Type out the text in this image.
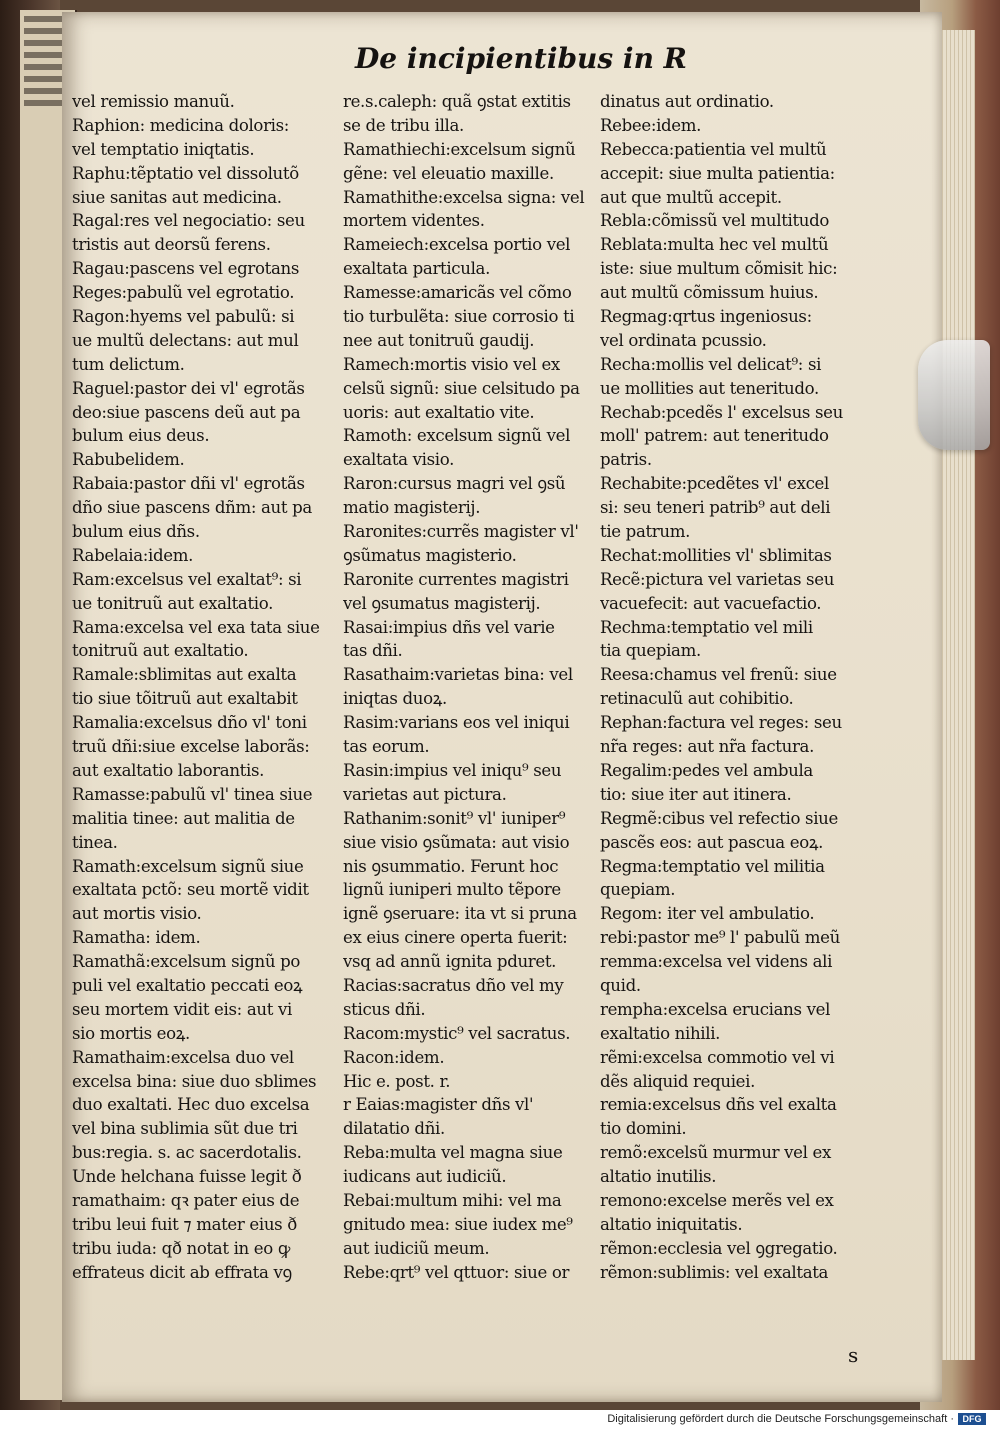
De incipientibus in R
vel remissio manuũ.
Raphion: medicina doloris:
vel temptatio iniqtatis.
Raphu:tẽptatio vel dissolutõ
siue sanitas aut medicina.
Ragal:res vel negociatio: seu
tristis aut deorsũ ferens.
Ragau:pascens vel egrotans
Reges:pabulũ vel egrotatio.
Ragon:hyems vel pabulũ: si
ue multũ delectans: aut mul
tum delictum.
Raguel:pastor dei vl' egrotãs
deo:siue pascens deũ aut pa
bulum eius deus.
Rabubelidem.
Rabaia:pastor dñi vl' egrotãs
dño siue pascens dñm: aut pa
bulum eius dñs.
Rabelaia:idem.
Ram:excelsus vel exaltat⁹: si
ue tonitruũ aut exaltatio.
Rama:excelsa vel exa tata siue
tonitruũ aut exaltatio.
Ramale:sblimitas aut exalta
tio siue tõitruũ aut exaltabit
Ramalia:excelsus dño vl' toni
truũ dñi:siue excelse laborãs:
aut exaltatio laborantis.
Ramasse:pabulũ vl' tinea siue
malitia tinee: aut malitia de
tinea.
Ramath:excelsum signũ siue
exaltata pctõ: seu mortẽ vidit
aut mortis visio.
Ramatha: idem.
Ramathã:excelsum signũ po
puli vel exaltatio peccati eoꝝ
seu mortem vidit eis: aut vi
sio mortis eoꝝ.
Ramathaim:excelsa duo vel
excelsa bina: siue duo sblimes
duo exaltati. Hec duo excelsa
vel bina sublimia sũt due tri
bus:regia. s. ac sacerdotalis.
Unde helchana fuisse legit ð
ramathaim: qꝛ pater eius de
tribu leui fuit ⁊ mater eius ð
tribu iuda: qð notat in eo ꝙ
effrateus dicit ab effrata vꝯ
re.s.caleph: quã ꝯstat extitis
se de tribu illa.
Ramathiechi:excelsum signũ
gẽne: vel eleuatio maxille.
Ramathithe:excelsa signa: vel
mortem videntes.
Rameiech:excelsa portio vel
exaltata particula.
Ramesse:amaricãs vel cõmo
tio turbulẽta: siue corrosio ti
nee aut tonitruũ gaudij.
Ramech:mortis visio vel ex
celsũ signũ: siue celsitudo pa
uoris: aut exaltatio vite.
Ramoth: excelsum signũ vel
exaltata visio.
Raron:cursus magri vel ꝯsũ
matio magisterij.
Raronites:currẽs magister vl'
ꝯsũmatus magisterio.
Raronite currentes magistri
vel ꝯsumatus magisterij.
Rasai:impius dñs vel varie
tas dñi.
Rasathaim:varietas bina: vel
iniqtas duoꝝ.
Rasim:varians eos vel iniqui
tas eorum.
Rasin:impius vel iniqu⁹ seu
varietas aut pictura.
Rathanim:sonit⁹ vl' iuniper⁹
siue visio ꝯsũmata: aut visio
nis ꝯsummatio. Ferunt hoc
lignũ iuniperi multo tẽpore
ignẽ ꝯseruare: ita vt si pruna
ex eius cinere operta fuerit:
vsq ad annũ ignita pduret.
Racias:sacratus dño vel my
sticus dñi.
Racom:mystic⁹ vel sacratus.
Racon:idem.
Hic e. post. r.
r Eaias:magister dñs vl'
dilatatio dñi.
Reba:multa vel magna siue
iudicans aut iudiciũ.
Rebai:multum mihi: vel ma
gnitudo mea: siue iudex me⁹
aut iudiciũ meum.
Rebe:qrt⁹ vel qttuor: siue or
dinatus aut ordinatio.
Rebee:idem.
Rebecca:patientia vel multũ
accepit: siue multa patientia:
aut que multũ accepit.
Rebla:cõmissũ vel multitudo
Reblata:multa hec vel multũ
iste: siue multum cõmisit hic:
aut multũ cõmissum huius.
Regmag:qrtus ingeniosus:
vel ordinata pcussio.
Recha:mollis vel delicat⁹: si
ue mollities aut teneritudo.
Rechab:pcedẽs l' excelsus seu
moll' patrem: aut teneritudo
patris.
Rechabite:pcedẽtes vl' excel
si: seu teneri patrib⁹ aut deli
tie patrum.
Rechat:mollities vl' sblimitas
Recẽ:pictura vel varietas seu
vacuefecit: aut vacuefactio.
Rechma:temptatio vel mili
tia quepiam.
Reesa:chamus vel frenũ: siue
retinaculũ aut cohibitio.
Rephan:factura vel reges: seu
nr̃a reges: aut nr̃a factura.
Regalim:pedes vel ambula
tio: siue iter aut itinera.
Regmẽ:cibus vel refectio siue
pascẽs eos: aut pascua eoꝝ.
Regma:temptatio vel militia
quepiam.
Regom: iter vel ambulatio.
rebi:pastor me⁹ l' pabulũ meũ
remma:excelsa vel videns ali
quid.
rempha:excelsa erucians vel
exaltatio nihili.
rẽmi:excelsa commotio vel vi
dẽs aliquid requiei.
remia:excelsus dñs vel exalta
tio domini.
remõ:excelsũ murmur vel ex
altatio inutilis.
remono:excelse merẽs vel ex
altatio iniquitatis.
rẽmon:ecclesia vel ꝯgregatio.
rẽmon:sublimis: vel exaltata
s
Digitalisierung gefördert durch die Deutsche Forschungsgemeinschaft · DFG
